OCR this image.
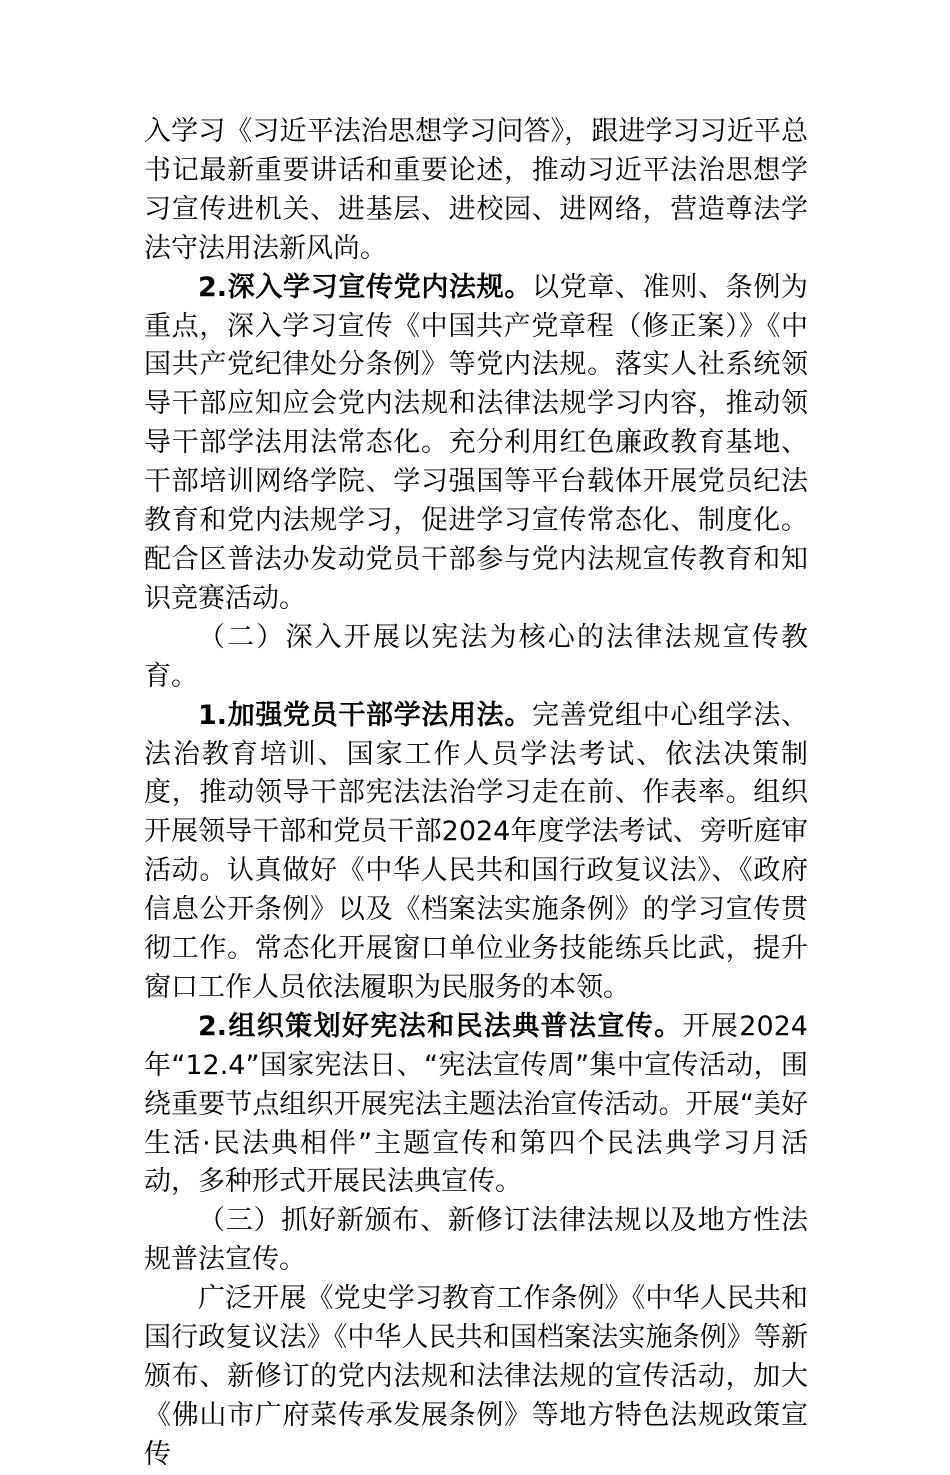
入学习《习近平法治思想学习问答》，跟进学习习近平总书记最新重要讲话和重要论述，推动习近平法治思想学习宣传进机关、进基层、进校园、进网络，营造尊法学法守法用法新风尚。

2.深入学习宣传党内法规。以党章、准则、条例为重点，深入学习宣传《中国共产党章程（修正案）》《中国共产党纪律处分条例》等党内法规。落实人社系统领导干部应知应会党内法规和法律法规学习内容，推动领导干部学法用法常态化。充分利用红色廉政教育基地、干部培训网络学院、学习强国等平台载体开展党员纪法教育和党内法规学习，促进学习宣传常态化、制度化。配合区普法办发动党员干部参与党内法规宣传教育和知识竞赛活动。

（二）深入开展以宪法为核心的法律法规宣传教育。

1.加强党员干部学法用法。完善党组中心组学法、法治教育培训、国家工作人员学法考试、依法决策制度，推动领导干部宪法法治学习走在前、作表率。组织开展领导干部和党员干部2024年度学法考试、旁听庭审活动。认真做好《中华人民共和国行政复议法》、《政府信息公开条例》以及《档案法实施条例》的学习宣传贯彻工作。常态化开展窗口单位业务技能练兵比武，提升窗口工作人员依法履职为民服务的本领。

2.组织策划好宪法和民法典普法宣传。开展2024年“12.4”国家宪法日、“宪法宣传周”集中宣传活动，围绕重要节点组织开展宪法主题法治宣传活动。开展“美好生活·民法典相伴”主题宣传和第四个民法典学习月活动，多种形式开展民法典宣传。

（三）抓好新颁布、新修订法律法规以及地方性法规普法宣传。

广泛开展《党史学习教育工作条例》《中华人民共和国行政复议法》《中华人民共和国档案法实施条例》等新颁布、新修订的党内法规和法律法规的宣传活动，加大《佛山市广府菜传承发展条例》等地方特色法规政策宣传
